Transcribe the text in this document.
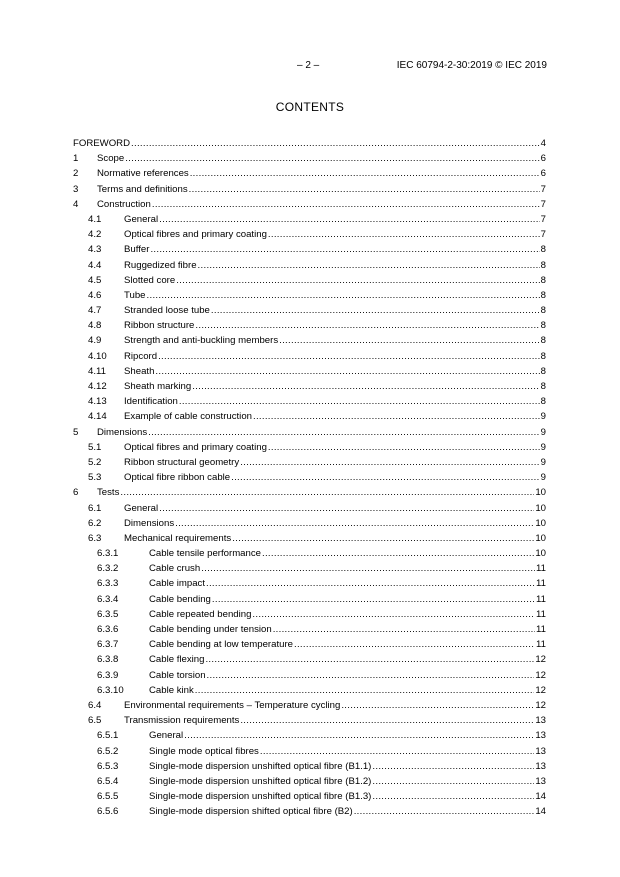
– 2 –	IEC 60794-2-30:2019 © IEC 2019
CONTENTS
FOREWORD .....	4
1	Scope .....	6
2	Normative references .....	6
3	Terms and definitions .....	7
4	Construction .....	7
4.1	General .....	7
4.2	Optical fibres and primary coating .....	7
4.3	Buffer .....	8
4.4	Ruggedized fibre .....	8
4.5	Slotted core .....	8
4.6	Tube .....	8
4.7	Stranded loose tube .....	8
4.8	Ribbon structure .....	8
4.9	Strength and anti-buckling members .....	8
4.10	Ripcord .....	8
4.11	Sheath .....	8
4.12	Sheath marking .....	8
4.13	Identification .....	8
4.14	Example of cable construction .....	9
5	Dimensions .....	9
5.1	Optical fibres and primary coating .....	9
5.2	Ribbon structural geometry .....	9
5.3	Optical fibre ribbon cable .....	9
6	Tests .....	10
6.1	General .....	10
6.2	Dimensions .....	10
6.3	Mechanical requirements .....	10
6.3.1	Cable tensile performance .....	10
6.3.2	Cable crush .....	11
6.3.3	Cable impact .....	11
6.3.4	Cable bending .....	11
6.3.5	Cable repeated bending .....	11
6.3.6	Cable bending under tension .....	11
6.3.7	Cable bending at low temperature .....	11
6.3.8	Cable flexing .....	12
6.3.9	Cable torsion .....	12
6.3.10	Cable kink .....	12
6.4	Environmental requirements – Temperature cycling .....	12
6.5	Transmission requirements .....	13
6.5.1	General .....	13
6.5.2	Single mode optical fibres .....	13
6.5.3	Single-mode dispersion unshifted optical fibre (B1.1) .....	13
6.5.4	Single-mode dispersion unshifted optical fibre (B1.2) .....	13
6.5.5	Single-mode dispersion unshifted optical fibre (B1.3) .....	14
6.5.6	Single-mode dispersion shifted optical fibre (B2) .....	14
